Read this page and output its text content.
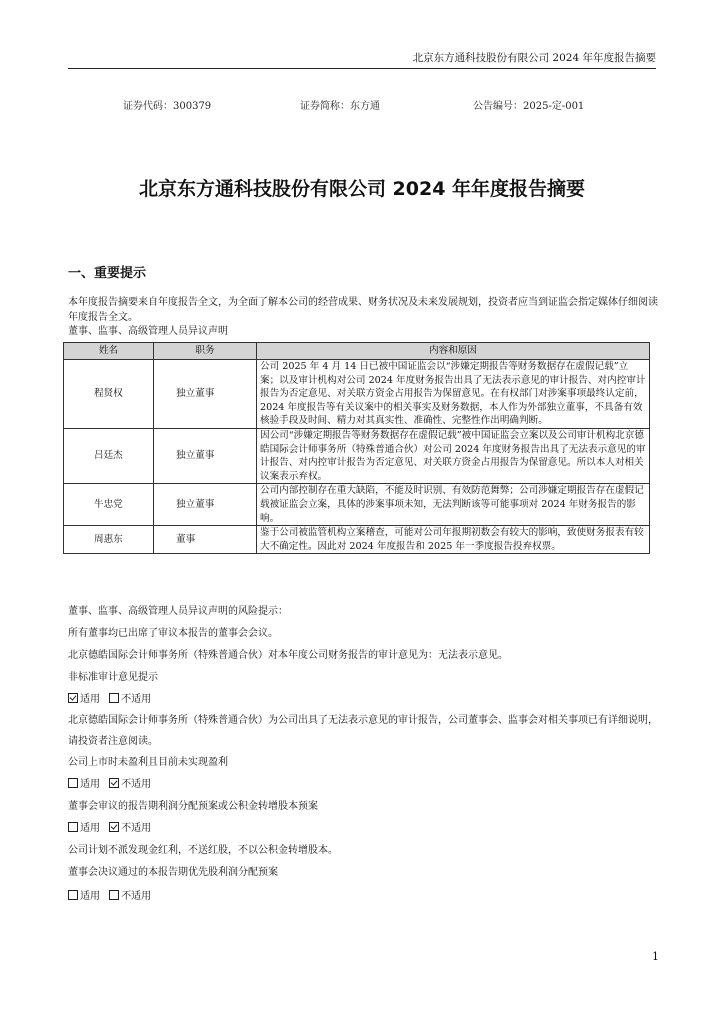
北京东方通科技股份有限公司 2024 年年度报告摘要
证券代码：300379	证券简称：东方通	公告编号：2025-定-001
北京东方通科技股份有限公司 2024 年年度报告摘要
一、重要提示

本年度报告摘要来自年度报告全文，为全面了解本公司的经营成果、财务状况及未来发展规划，投资者应当到证监会指定媒体仔细阅读年度报告全文。

董事、监事、高级管理人员异议声明

姓名	职务	内容和原因
程贤权	独立董事	公司 2025 年 4 月 14 日已被中国证监会以“涉嫌定期报告等财务数据存在虚假记载”立案；以及审计机构对公司 2024 年度财务报告出具了无法表示意见的审计报告、对内控审计报告为否定意见、对关联方资金占用报告为保留意见。在有权部门对涉案事项最终认定前，2024 年度报告等有关议案中的相关事实及财务数据，本人作为外部独立董事，不具备有效核验手段及时间、精力对其真实性、准确性、完整性作出明确判断。
吕廷杰	独立董事	因公司“涉嫌定期报告等财务数据存在虚假记载”被中国证监会立案以及公司审计机构北京德皓国际会计师事务所（特殊普通合伙）对公司 2024 年度财务报告出具了无法表示意见的审计报告、对内控审计报告为否定意见、对关联方资金占用报告为保留意见。所以本人对相关议案表示弃权。
牛忠党	独立董事	公司内部控制存在重大缺陷，不能及时识别、有效防范舞弊；公司涉嫌定期报告存在虚假记载被证监会立案，具体的涉案事项未知，无法判断该等可能事项对 2024 年财务报告的影响。
周惠东	董事	鉴于公司被监管机构立案稽查，可能对公司年报期初数会有较大的影响，致使财务报表有较大不确定性。因此对 2024 年度报告和 2025 年一季度报告投弃权票。

董事、监事、高级管理人员异议声明的风险提示：

所有董事均已出席了审议本报告的董事会会议。

北京德皓国际会计师事务所（特殊普通合伙）对本年度公司财务报告的审计意见为：无法表示意见。

非标准审计意见提示

适用 不适用

北京德皓国际会计师事务所（特殊普通合伙）为公司出具了无法表示意见的审计报告，公司董事会、监事会对相关事项已有详细说明，请投资者注意阅读。

公司上市时未盈利且目前未实现盈利

适用 不适用

董事会审议的报告期利润分配预案或公积金转增股本预案

适用 不适用

公司计划不派发现金红利，不送红股，不以公积金转增股本。

董事会决议通过的本报告期优先股利润分配预案

适用 不适用

1
